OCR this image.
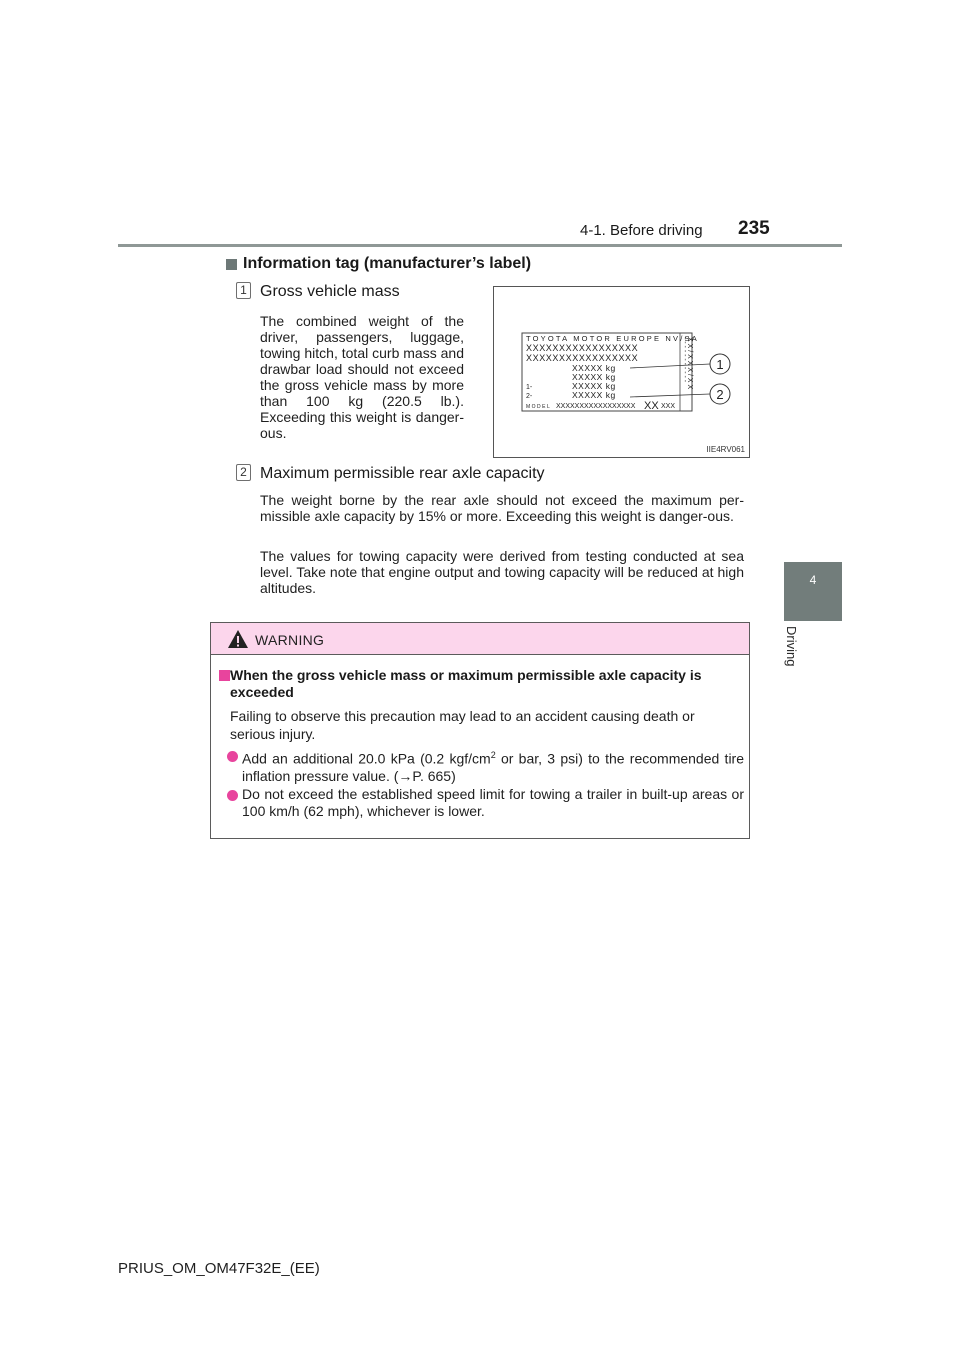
4-1. Before driving 235
4
Driving
Information tag (manufacturer’s label)
1 Gross vehicle mass
The combined weight of the driver, passengers, luggage, towing hitch, total curb mass and drawbar load should not exceed the gross vehicle mass by more than 100 kg (220.5 lb.). Exceeding this weight is danger-ous.
TOYOTA MOTOR EUROPE NV/SA
XXXXXXXXXXXXXXXXX
XXXXXXXXXXXXXXXXX
XXXXX kg
XXXXX kg
1-	XXXXX kg
2-	XXXXX kg
MODEL XXXXXXXXXXXXXXXXX XX XXX
- - - - - - - - - - -
X X / X X X / X X 1
2
IIE4RV061
2 Maximum permissible rear axle capacity
The weight borne by the rear axle should not exceed the maximum per-missible axle capacity by 15% or more. Exceeding this weight is danger-ous.
The values for towing capacity were derived from testing conducted at sea level. Take note that engine output and towing capacity will be reduced at high altitudes.
WARNING
When the gross vehicle mass or maximum permissible axle capacity is exceeded
Failing to observe this precaution may lead to an accident causing death or serious injury.
Add an additional 20.0 kPa (0.2 kgf/$cm^2$ or bar, 3 psi) to the recommended tire inflation pressure value. (→P. 665)
Do not exceed the established speed limit for towing a trailer in built-up areas or 100 km/h (62 mph), whichever is lower.
PRIUS_OM_OM47F32E_(EE)
